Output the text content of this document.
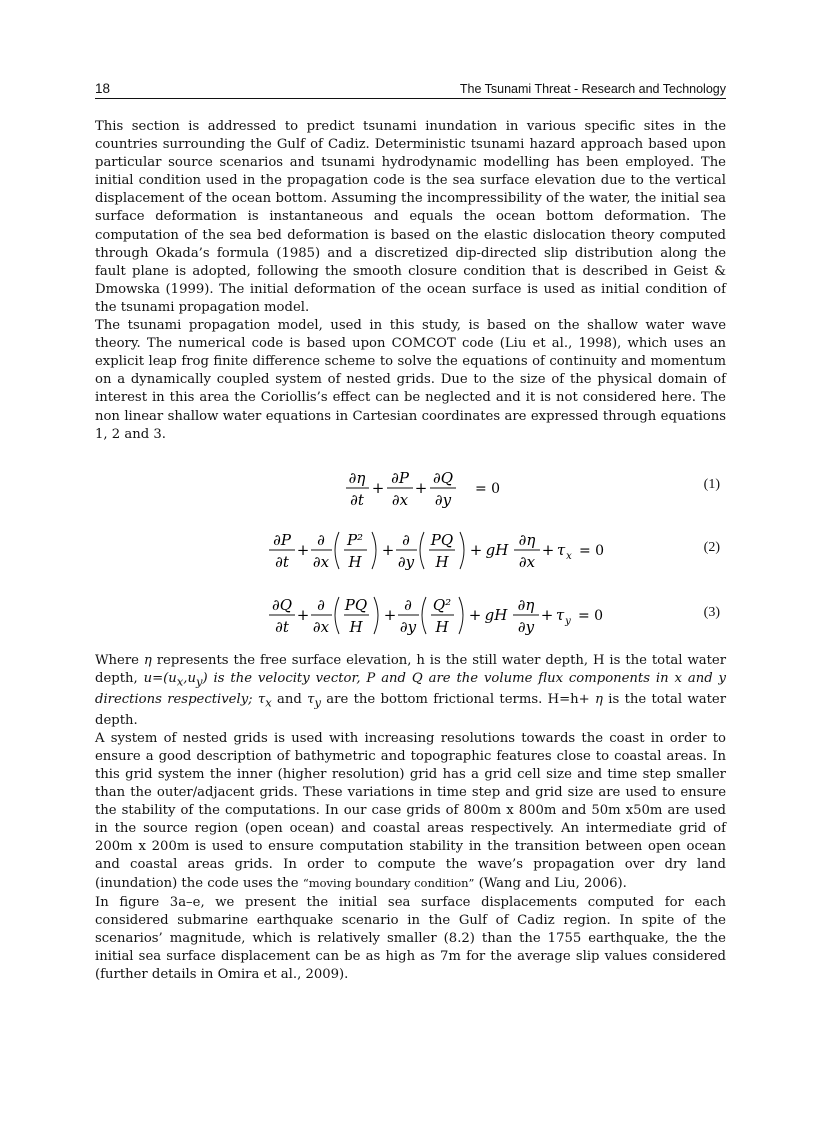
18	The Tsunami Threat - Research and Technology

This section is addressed to predict tsunami inundation in various specific sites in the countries surrounding the Gulf of Cadiz. Deterministic tsunami hazard approach based upon particular source scenarios and tsunami hydrodynamic modelling has been employed. The initial condition used in the propagation code is the sea surface elevation due to the vertical displacement of the ocean bottom. Assuming the incompressibility of the water, the initial sea surface deformation is instantaneous and equals the ocean bottom deformation. The computation of the sea bed deformation is based on the elastic dislocation theory computed through Okada’s formula (1985) and a discretized dip-directed slip distribution along the fault plane is adopted, following the smooth closure condition that is described in Geist & Dmowska (1999). The initial deformation of the ocean surface is used as initial condition of the tsunami propagation model.

The tsunami propagation model, used in this study, is based on the shallow water wave theory. The numerical code is based upon COMCOT code (Liu et al., 1998), which uses an explicit leap frog finite difference scheme to solve the equations of continuity and momentum on a dynamically coupled system of nested grids. Due to the size of the physical domain of interest in this area the Coriollis’s effect can be neglected and it is not considered here. The non linear shallow water equations in Cartesian coordinates are expressed through equations 1, 2 and 3.

∂η
∂t
+
∂P
∂x
+
∂Q
∂y
= 0	(1)
∂P
∂t
+
∂
∂x
P²
H
+
∂
∂y
PQ
H
+ gH
∂η
∂x
+ τ x = 0	(2)
∂Q
∂t
+
∂
∂x
PQ
H
+
∂
∂y
Q²
H
+ gH
∂η
∂y
+ τ y = 0	(3)

Where η represents the free surface elevation, h is the still water depth, H is the total water depth, $u=(u_x,u_y)$ is the velocity vector, P and Q are the volume flux components in x and y directions respectively; $\tau_x$ and $\tau_y$ are the bottom frictional terms. H=h+ η is the total water depth.

A system of nested grids is used with increasing resolutions towards the coast in order to ensure a good description of bathymetric and topographic features close to coastal areas. In this grid system the inner (higher resolution) grid has a grid cell size and time step smaller than the outer/adjacent grids. These variations in time step and grid size are used to ensure the stability of the computations. In our case grids of 800m x 800m and 50m x50m are used in the source region (open ocean) and coastal areas respectively. An intermediate grid of 200m x 200m is used to ensure computation stability in the transition between open ocean and coastal areas grids. In order to compute the wave’s propagation over dry land (inundation) the code uses the “moving boundary condition” (Wang and Liu, 2006).

In figure 3a–e, we present the initial sea surface displacements computed for each considered submarine earthquake scenario in the Gulf of Cadiz region. In spite of the scenarios’ magnitude, which is relatively smaller (8.2) than the 1755 earthquake, the the initial sea surface displacement can be as high as 7m for the average slip values considered (further details in Omira et al., 2009).
